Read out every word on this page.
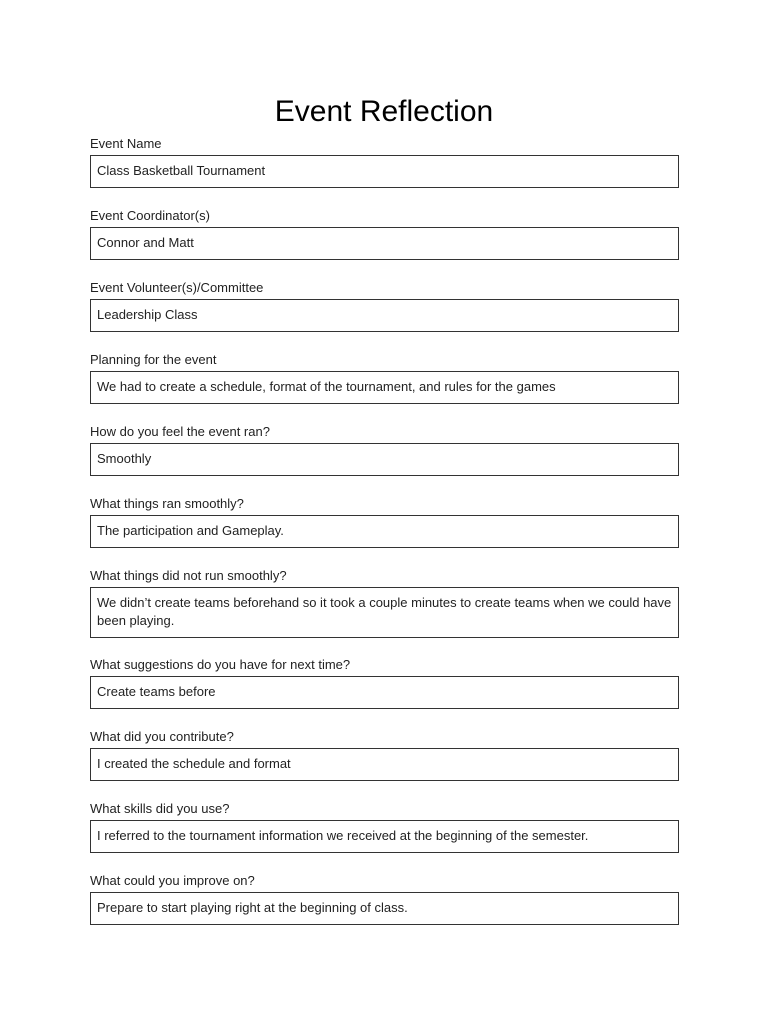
Event Reflection
Event Name
Class Basketball Tournament
Event Coordinator(s)
Connor and Matt
Event Volunteer(s)/Committee
Leadership Class
Planning for the event
We had to create a schedule, format of the tournament, and rules for the games
How do you feel the event ran?
Smoothly
What things ran smoothly?
The participation and Gameplay.
What things did not run smoothly?
We didn’t create teams beforehand so it took a couple minutes to create teams when we could have been playing.
What suggestions do you have for next time?
Create teams before
What did you contribute?
I created the schedule and format
What skills did you use?
I referred to the tournament information we received at the beginning of the semester.
What could you improve on?
Prepare to start playing right at the beginning of class.
